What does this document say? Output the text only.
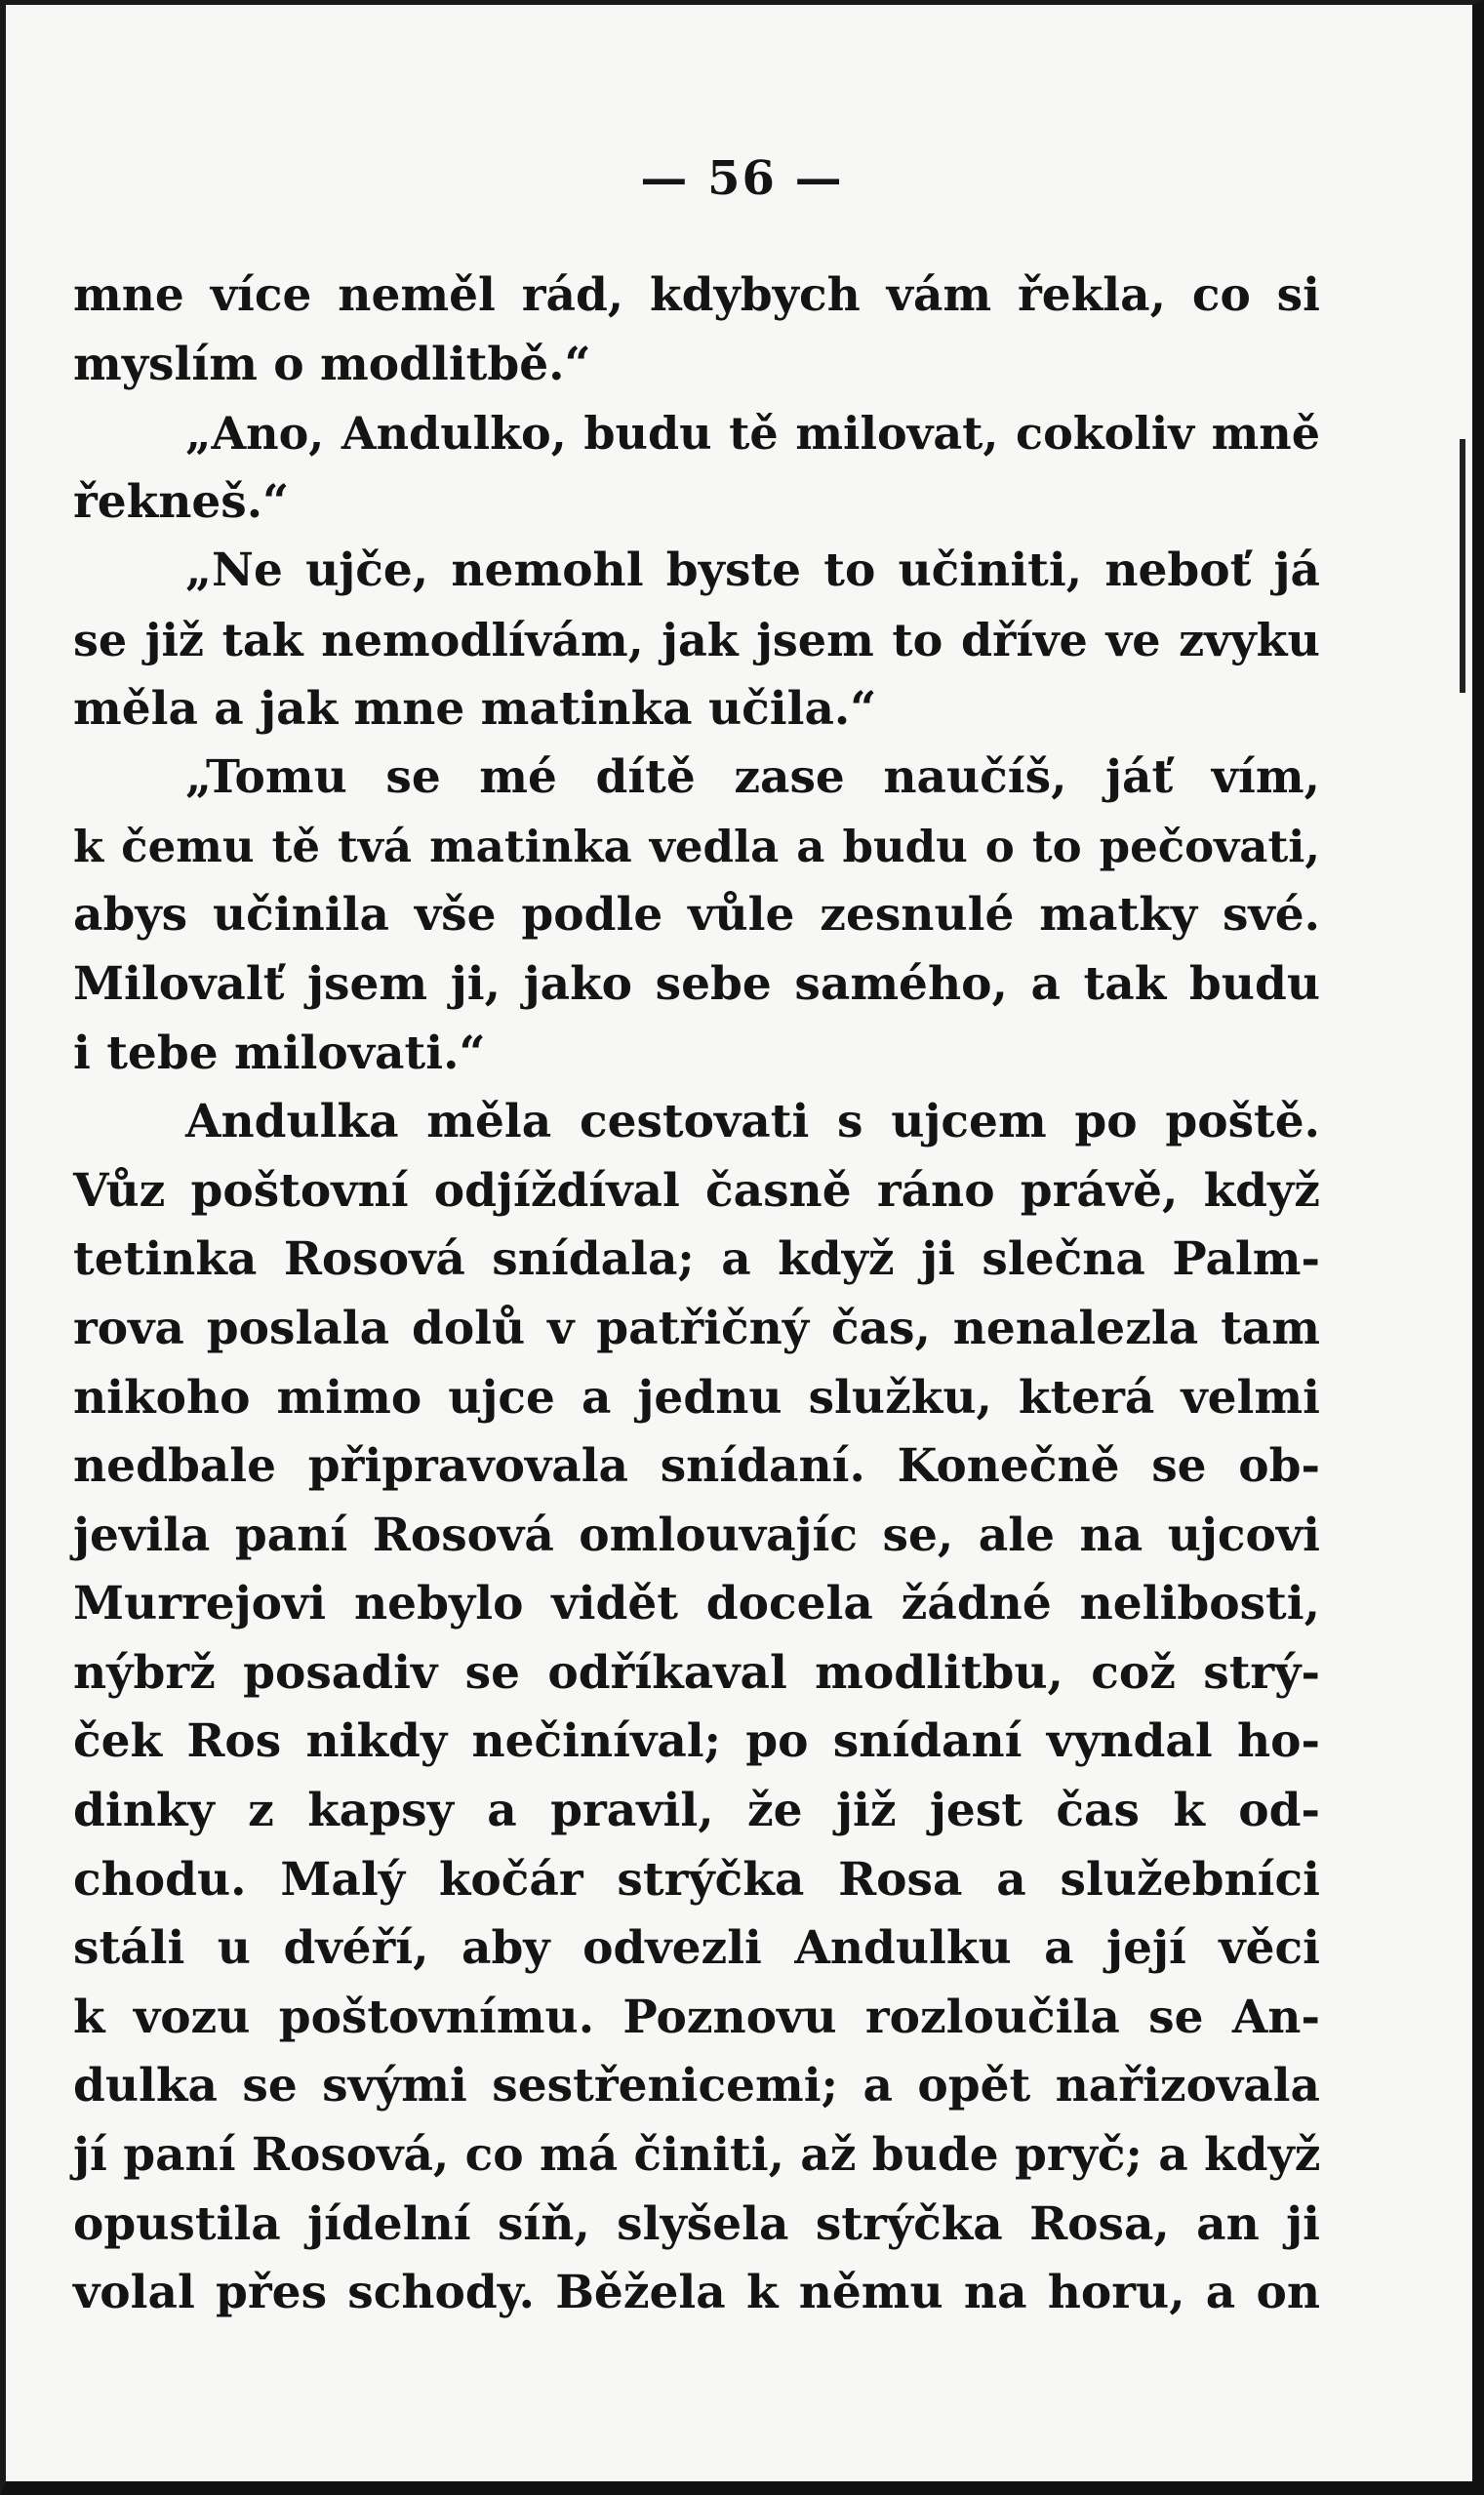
— 56 —
mne více neměl rád, kdybych vám řekla, co si
myslím o modlitbě.“
„Ano, Andulko, budu tě milovat, cokoliv mně
řekneš.“
„Ne ujče, nemohl byste to učiniti, neboť já
se již tak nemodlívám, jak jsem to dříve ve zvyku
měla a jak mne matinka učila.“
„Tomu se mé dítě zase naučíš, jáť vím,
k čemu tě tvá matinka vedla a budu o to pečovati,
abys učinila vše podle vůle zesnulé matky své.
Milovalť jsem ji, jako sebe samého, a tak budu
i tebe milovati.“
Andulka měla cestovati s ujcem po poště.
Vůz poštovní odjíždíval časně ráno právě, když
tetinka Rosová snídala; a když ji slečna Palm-
rova poslala dolů v patřičný čas, nenalezla tam
nikoho mimo ujce a jednu služku, která velmi
nedbale připravovala snídaní. Konečně se ob-
jevila paní Rosová omlouvajíc se, ale na ujcovi
Murrejovi nebylo vidět docela žádné nelibosti,
nýbrž posadiv se odříkaval modlitbu, což strý-
ček Ros nikdy nečiníval; po snídaní vyndal ho-
dinky z kapsy a pravil, že již jest čas k od-
chodu. Malý kočár strýčka Rosa a služebníci
stáli u dvéří, aby odvezli Andulku a její věci
k vozu poštovnímu. Poznovu rozloučila se An-
dulka se svými sestřenicemi; a opět nařizovala
jí paní Rosová, co má činiti, až bude pryč; a když
opustila jídelní síň, slyšela strýčka Rosa, an ji
volal přes schody. Běžela k němu na horu, a on
